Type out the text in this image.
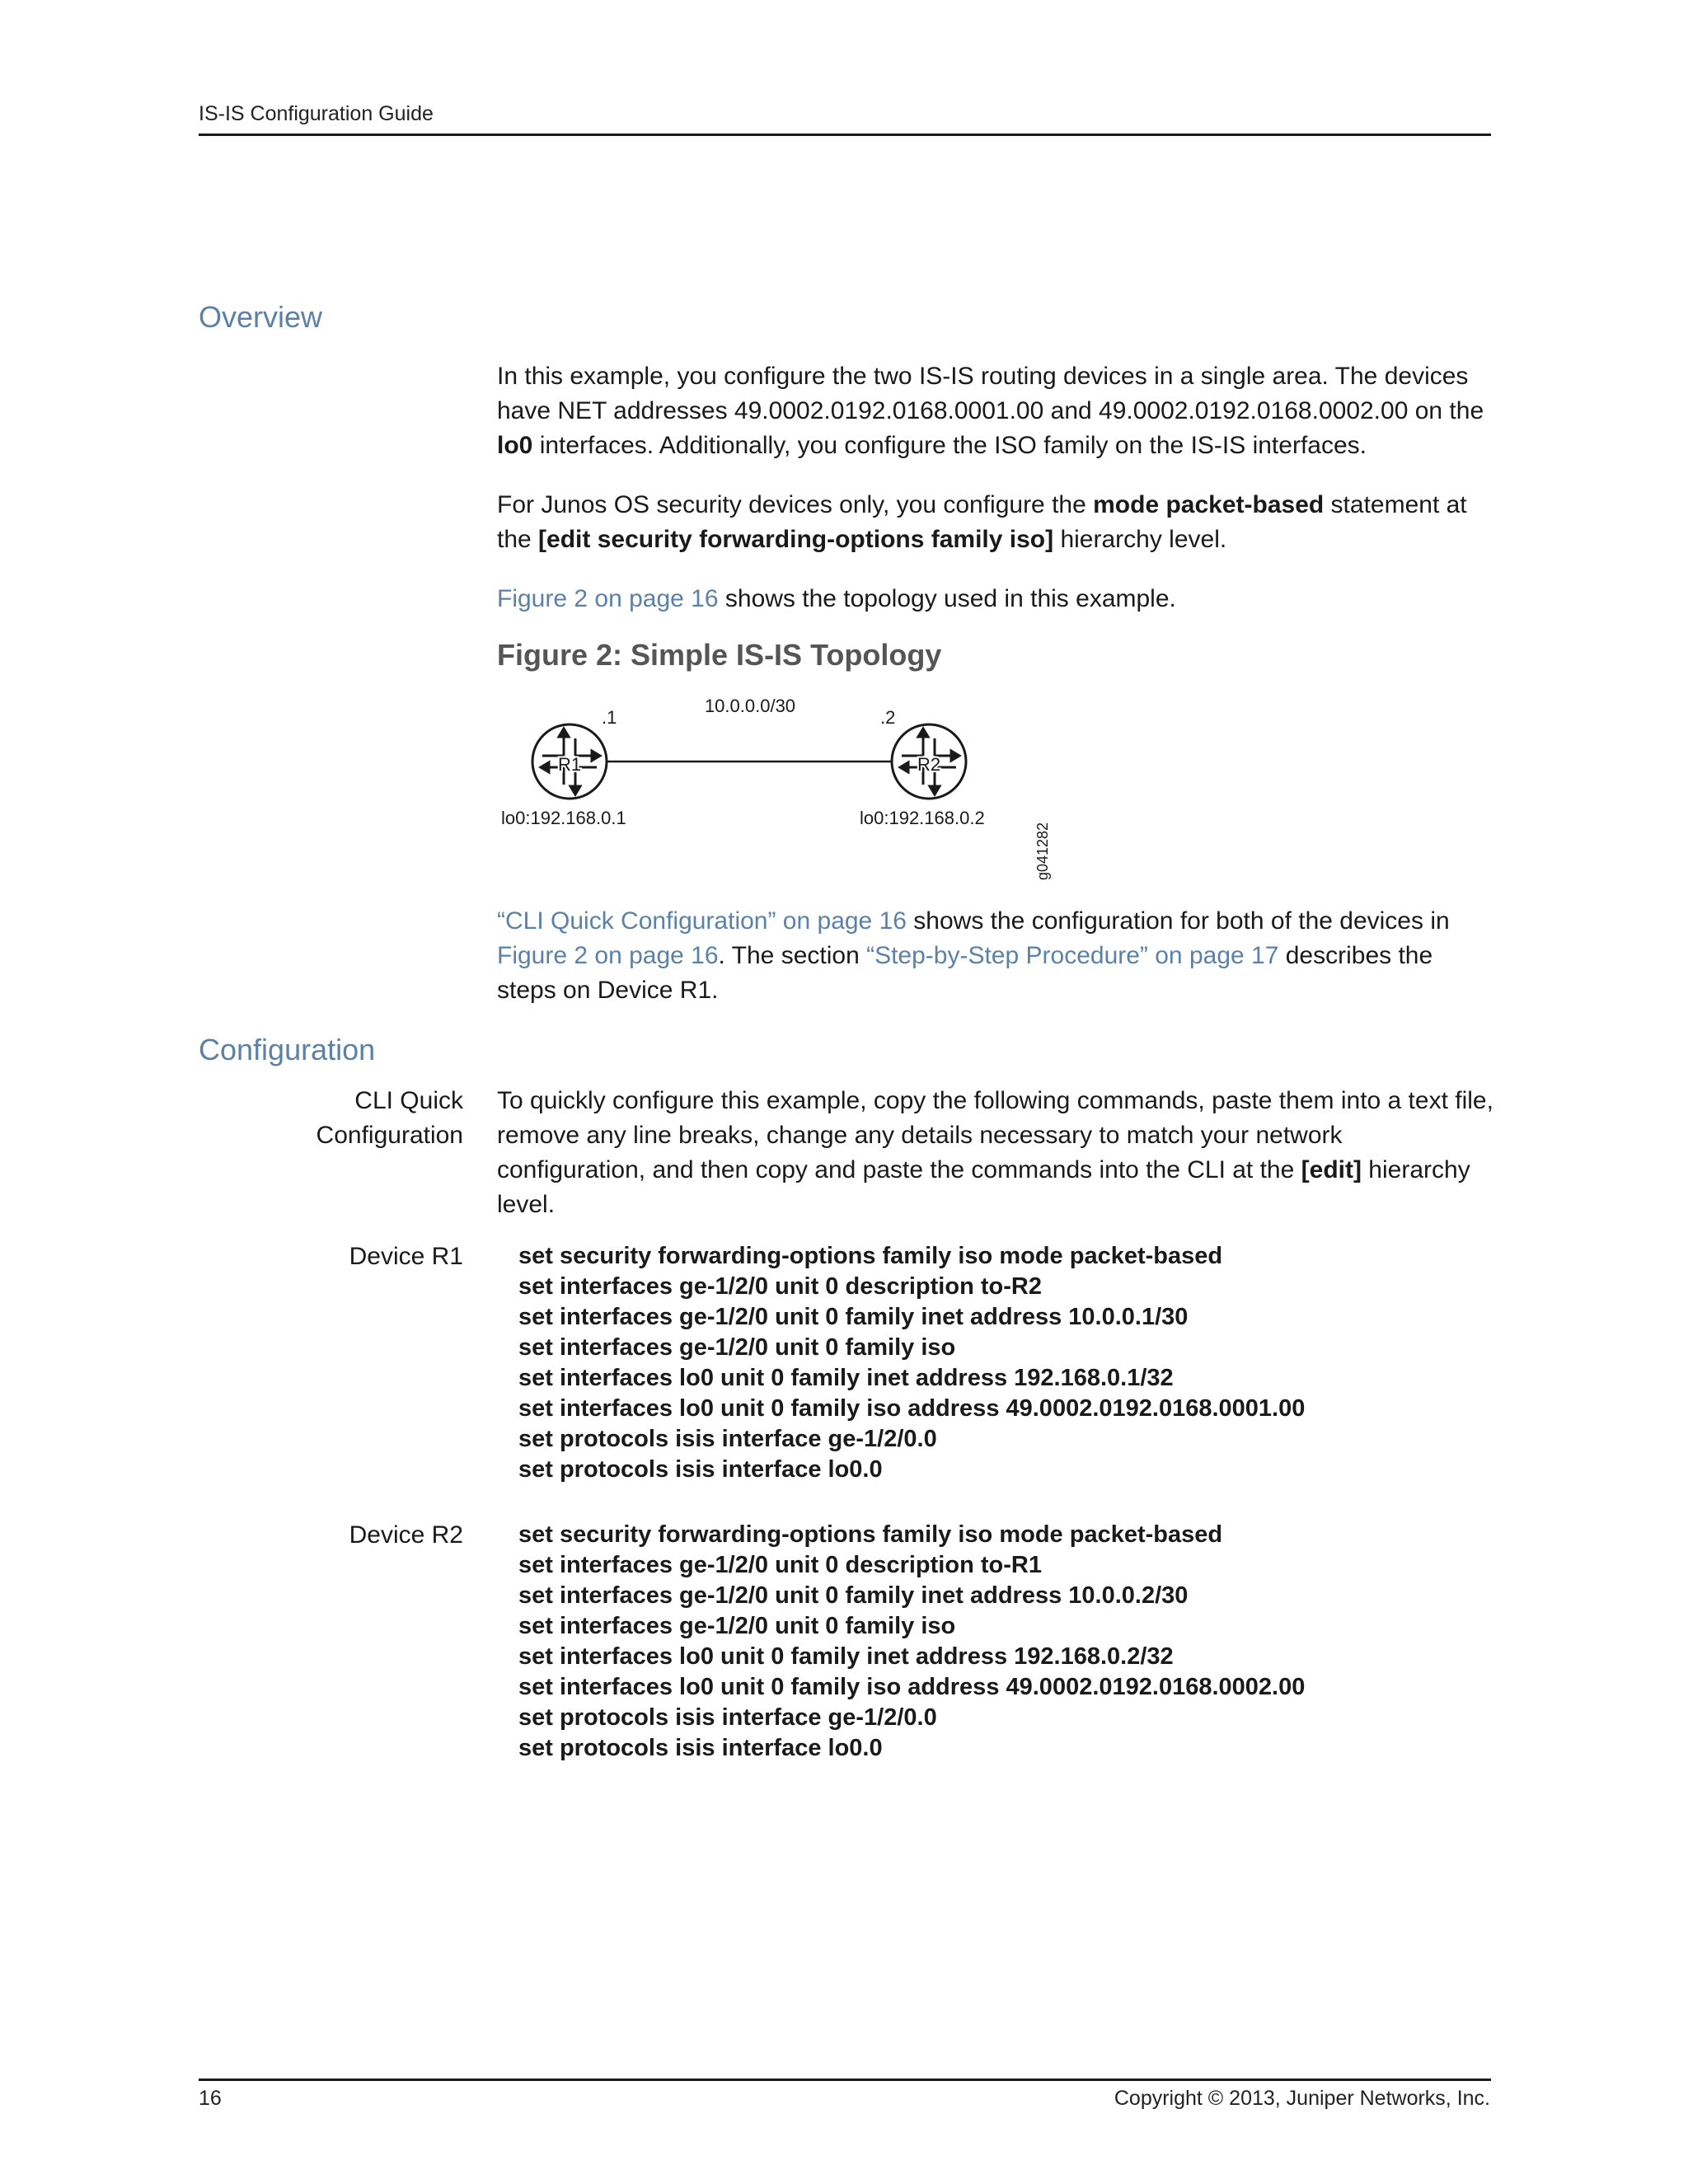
IS-IS Configuration Guide
Overview

In this example, you configure the two IS-IS routing devices in a single area. The devices have NET addresses 49.0002.0192.0168.0001.00 and 49.0002.0192.0168.0002.00 on the lo0 interfaces. Additionally, you configure the ISO family on the IS-IS interfaces.

For Junos OS security devices only, you configure the mode packet-based statement at the [edit security forwarding-options family iso] hierarchy level.

Figure 2 on page 16 shows the topology used in this example.

Figure 2: Simple IS-IS Topology
R1	R2
10.0.0.0/30
.1	.2
lo0:192.168.0.1	lo0:192.168.0.2
g041282

“CLI Quick Configuration” on page 16 shows the configuration for both of the devices in Figure 2 on page 16. The section “Step-by-Step Procedure” on page 17 describes the steps on Device R1.

Configuration
CLI Quick
Configuration

To quickly configure this example, copy the following commands, paste them into a text file, remove any line breaks, change any details necessary to match your network configuration, and then copy and paste the commands into the CLI at the [edit] hierarchy level.

Device R1 set security forwarding-options family iso mode packet-based
set interfaces ge-1/2/0 unit 0 description to-R2
set interfaces ge-1/2/0 unit 0 family inet address 10.0.0.1/30
set interfaces ge-1/2/0 unit 0 family iso
set interfaces lo0 unit 0 family inet address 192.168.0.1/32
set interfaces lo0 unit 0 family iso address 49.0002.0192.0168.0001.00
set protocols isis interface ge-1/2/0.0
set protocols isis interface lo0.0
Device R2 set security forwarding-options family iso mode packet-based
set interfaces ge-1/2/0 unit 0 description to-R1
set interfaces ge-1/2/0 unit 0 family inet address 10.0.0.2/30
set interfaces ge-1/2/0 unit 0 family iso
set interfaces lo0 unit 0 family inet address 192.168.0.2/32
set interfaces lo0 unit 0 family iso address 49.0002.0192.0168.0002.00
set protocols isis interface ge-1/2/0.0
set protocols isis interface lo0.0
16	Copyright © 2013, Juniper Networks, Inc.
